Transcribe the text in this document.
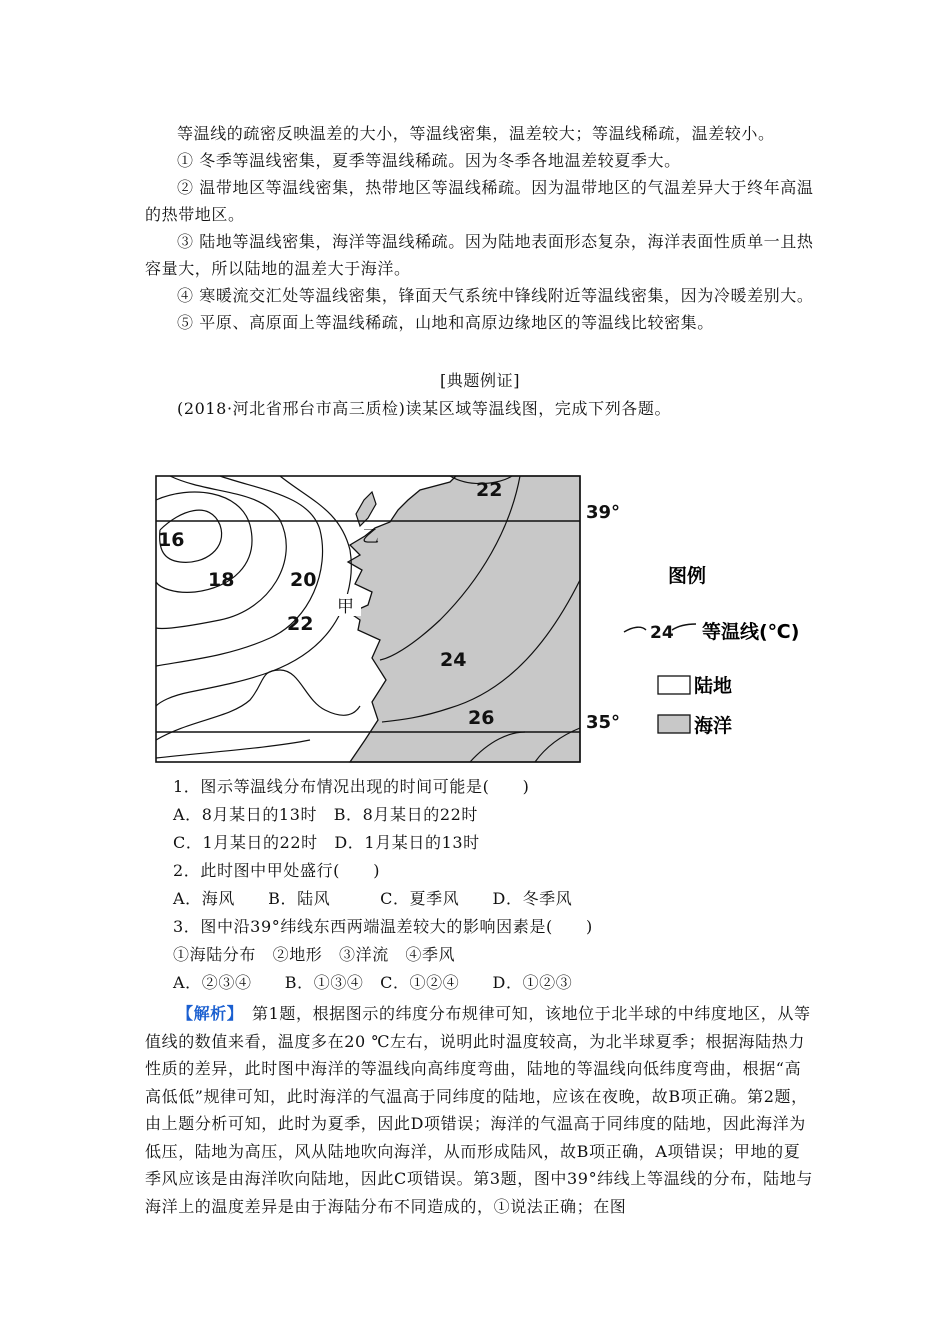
等温线的疏密反映温差的大小，等温线密集，温差较大；等温线稀疏，温差较小。
① 冬季等温线密集，夏季等温线稀疏。因为冬季各地温差较夏季大。
② 温带地区等温线密集，热带地区等温线稀疏。因为温带地区的气温差异大于终年高温的热带地区。
③ 陆地等温线密集，海洋等温线稀疏。因为陆地表面形态复杂，海洋表面性质单一且热容量大，所以陆地的温差大于海洋。
④ 寒暖流交汇处等温线密集，锋面天气系统中锋线附近等温线密集，因为冷暖差别大。
⑤ 平原、高原面上等温线稀疏，山地和高原边缘地区的等温线比较密集。
[典题例证]
(2018·河北省邢台市高三质检)读某区域等温线图，完成下列各题。
16
18	20
22
22
24
26
甲
乙
39°
35°
图例
24 等温线(℃)
陆地
海洋
1．图示等温线分布情况出现的时间可能是(　　)
A．8月某日的13时　B．8月某日的22时
C．1月某日的22时　D．1月某日的13时
2．此时图中甲处盛行(　　)
A．海风　　B．陆风　　　C．夏季风　　D．冬季风
3．图中沿39°纬线东西两端温差较大的影响因素是(　　)
①海陆分布　②地形　③洋流　④季风
A．②③④　　B．①③④　C．①②④　　D．①②③
【解析】　第1题，根据图示的纬度分布规律可知，该地位于北半球的中纬度地区，从等值线的数值来看，温度多在20 ℃左右，说明此时温度较高，为北半球夏季；根据海陆热力性质的差异，此时图中海洋的等温线向高纬度弯曲，陆地的等温线向低纬度弯曲，根据“高高低低”规律可知，此时海洋的气温高于同纬度的陆地，应该在夜晚，故B项正确。第2题，由上题分析可知，此时为夏季，因此D项错误；海洋的气温高于同纬度的陆地，因此海洋为低压，陆地为高压，风从陆地吹向海洋，从而形成陆风，故B项正确，A项错误；甲地的夏季风应该是由海洋吹向陆地，因此C项错误。第3题，图中39°纬线上等温线的分布，陆地与海洋上的温度差异是由于海陆分布不同造成的，①说法正确；在图
